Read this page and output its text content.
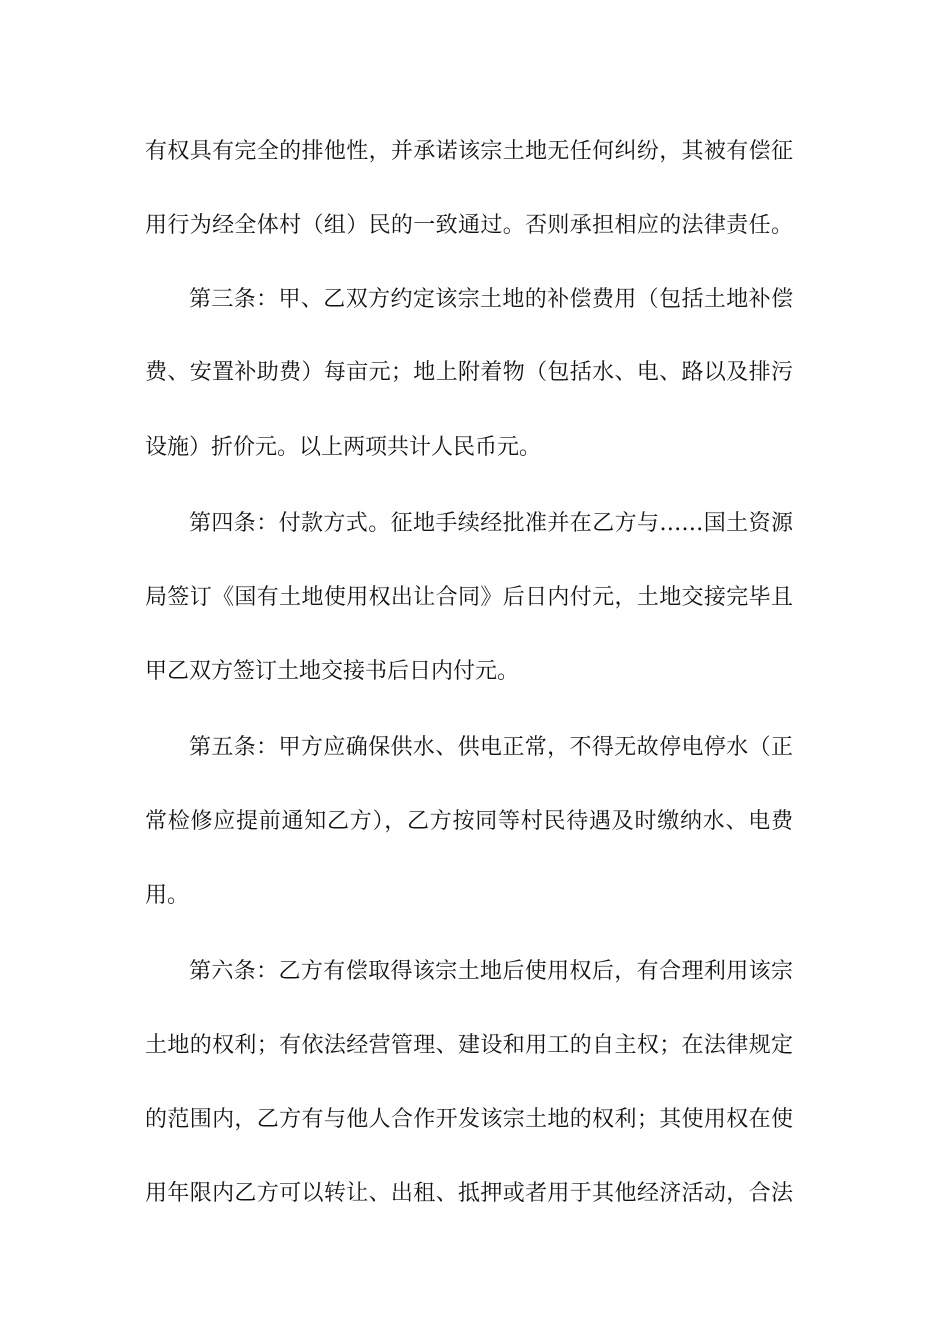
有权具有完全的排他性，并承诺该宗土地无任何纠纷，其被有偿征
用行为经全体村（组）民的一致通过。否则承担相应的法律责任。
第三条：甲、乙双方约定该宗土地的补偿费用（包括土地补偿
费、安置补助费）每亩元；地上附着物（包括水、电、路以及排污
设施）折价元。以上两项共计人民币元。
第四条：付款方式。征地手续经批准并在乙方与……国土资源
局签订《国有土地使用权出让合同》后日内付元，土地交接完毕且
甲乙双方签订土地交接书后日内付元。
第五条：甲方应确保供水、供电正常，不得无故停电停水（正
常检修应提前通知乙方），乙方按同等村民待遇及时缴纳水、电费
用。
第六条：乙方有偿取得该宗土地后使用权后，有合理利用该宗
土地的权利；有依法经营管理、建设和用工的自主权；在法律规定
的范围内，乙方有与他人合作开发该宗土地的权利；其使用权在使
用年限内乙方可以转让、出租、抵押或者用于其他经济活动，合法
